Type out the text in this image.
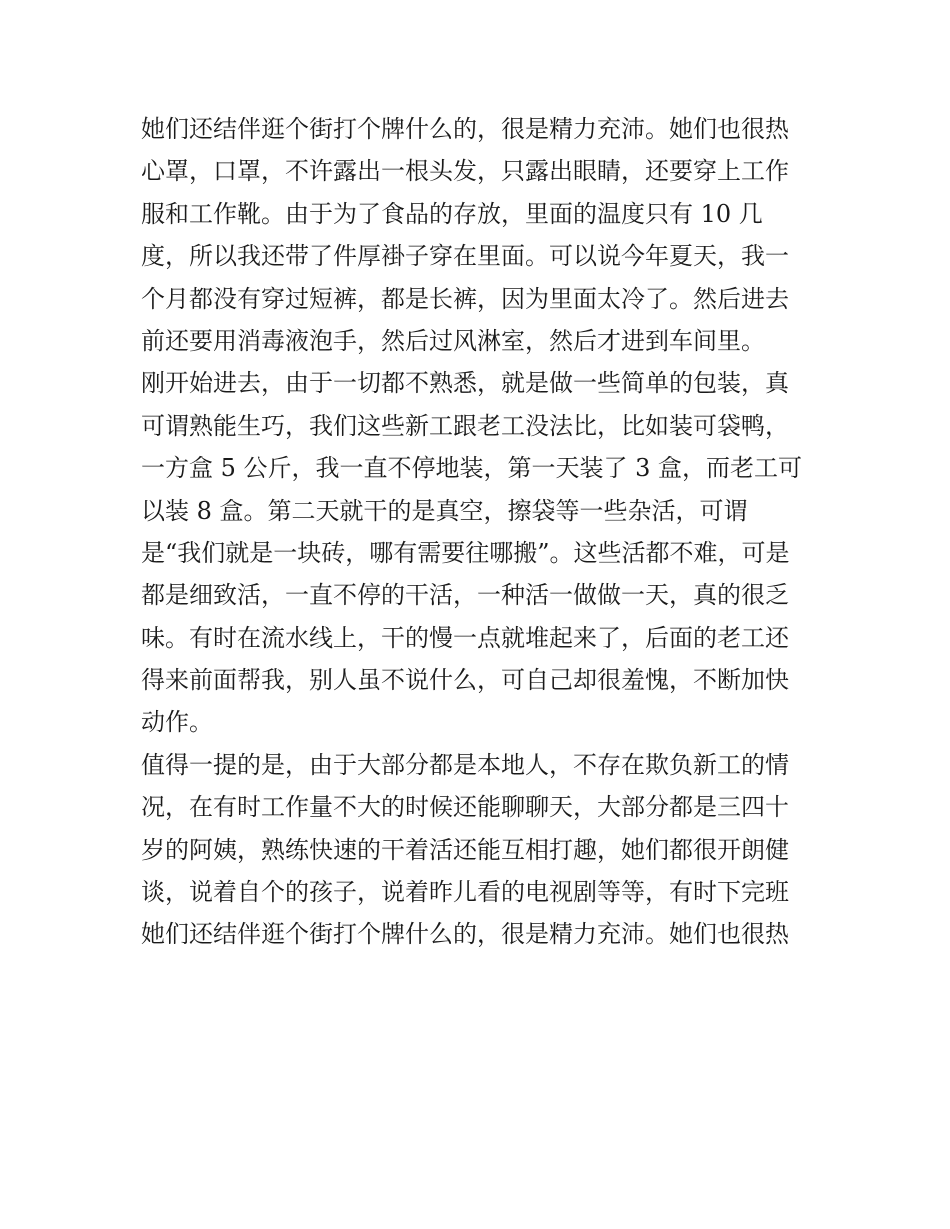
她们还结伴逛个街打个牌什么的，很是精力充沛。她们也很热
心罩，口罩，不许露出一根头发，只露出眼睛，还要穿上工作
服和工作靴。由于为了食品的存放，里面的温度只有 10 几
度，所以我还带了件厚褂子穿在里面。可以说今年夏天，我一
个月都没有穿过短裤，都是长裤，因为里面太冷了。然后进去
前还要用消毒液泡手，然后过风淋室，然后才进到车间里。
刚开始进去，由于一切都不熟悉，就是做一些简单的包装，真
可谓熟能生巧，我们这些新工跟老工没法比，比如装可袋鸭，
一方盒 5 公斤，我一直不停地装，第一天装了 3 盒，而老工可
以装 8 盒。第二天就干的是真空，擦袋等一些杂活，可谓
是“我们就是一块砖，哪有需要往哪搬”。这些活都不难，可是
都是细致活，一直不停的干活，一种活一做做一天，真的很乏
味。有时在流水线上，干的慢一点就堆起来了，后面的老工还
得来前面帮我，别人虽不说什么，可自己却很羞愧，不断加快
动作。
值得一提的是，由于大部分都是本地人，不存在欺负新工的情
况，在有时工作量不大的时候还能聊聊天，大部分都是三四十
岁的阿姨，熟练快速的干着活还能互相打趣，她们都很开朗健
谈，说着自个的孩子，说着昨儿看的电视剧等等，有时下完班
她们还结伴逛个街打个牌什么的，很是精力充沛。她们也很热
